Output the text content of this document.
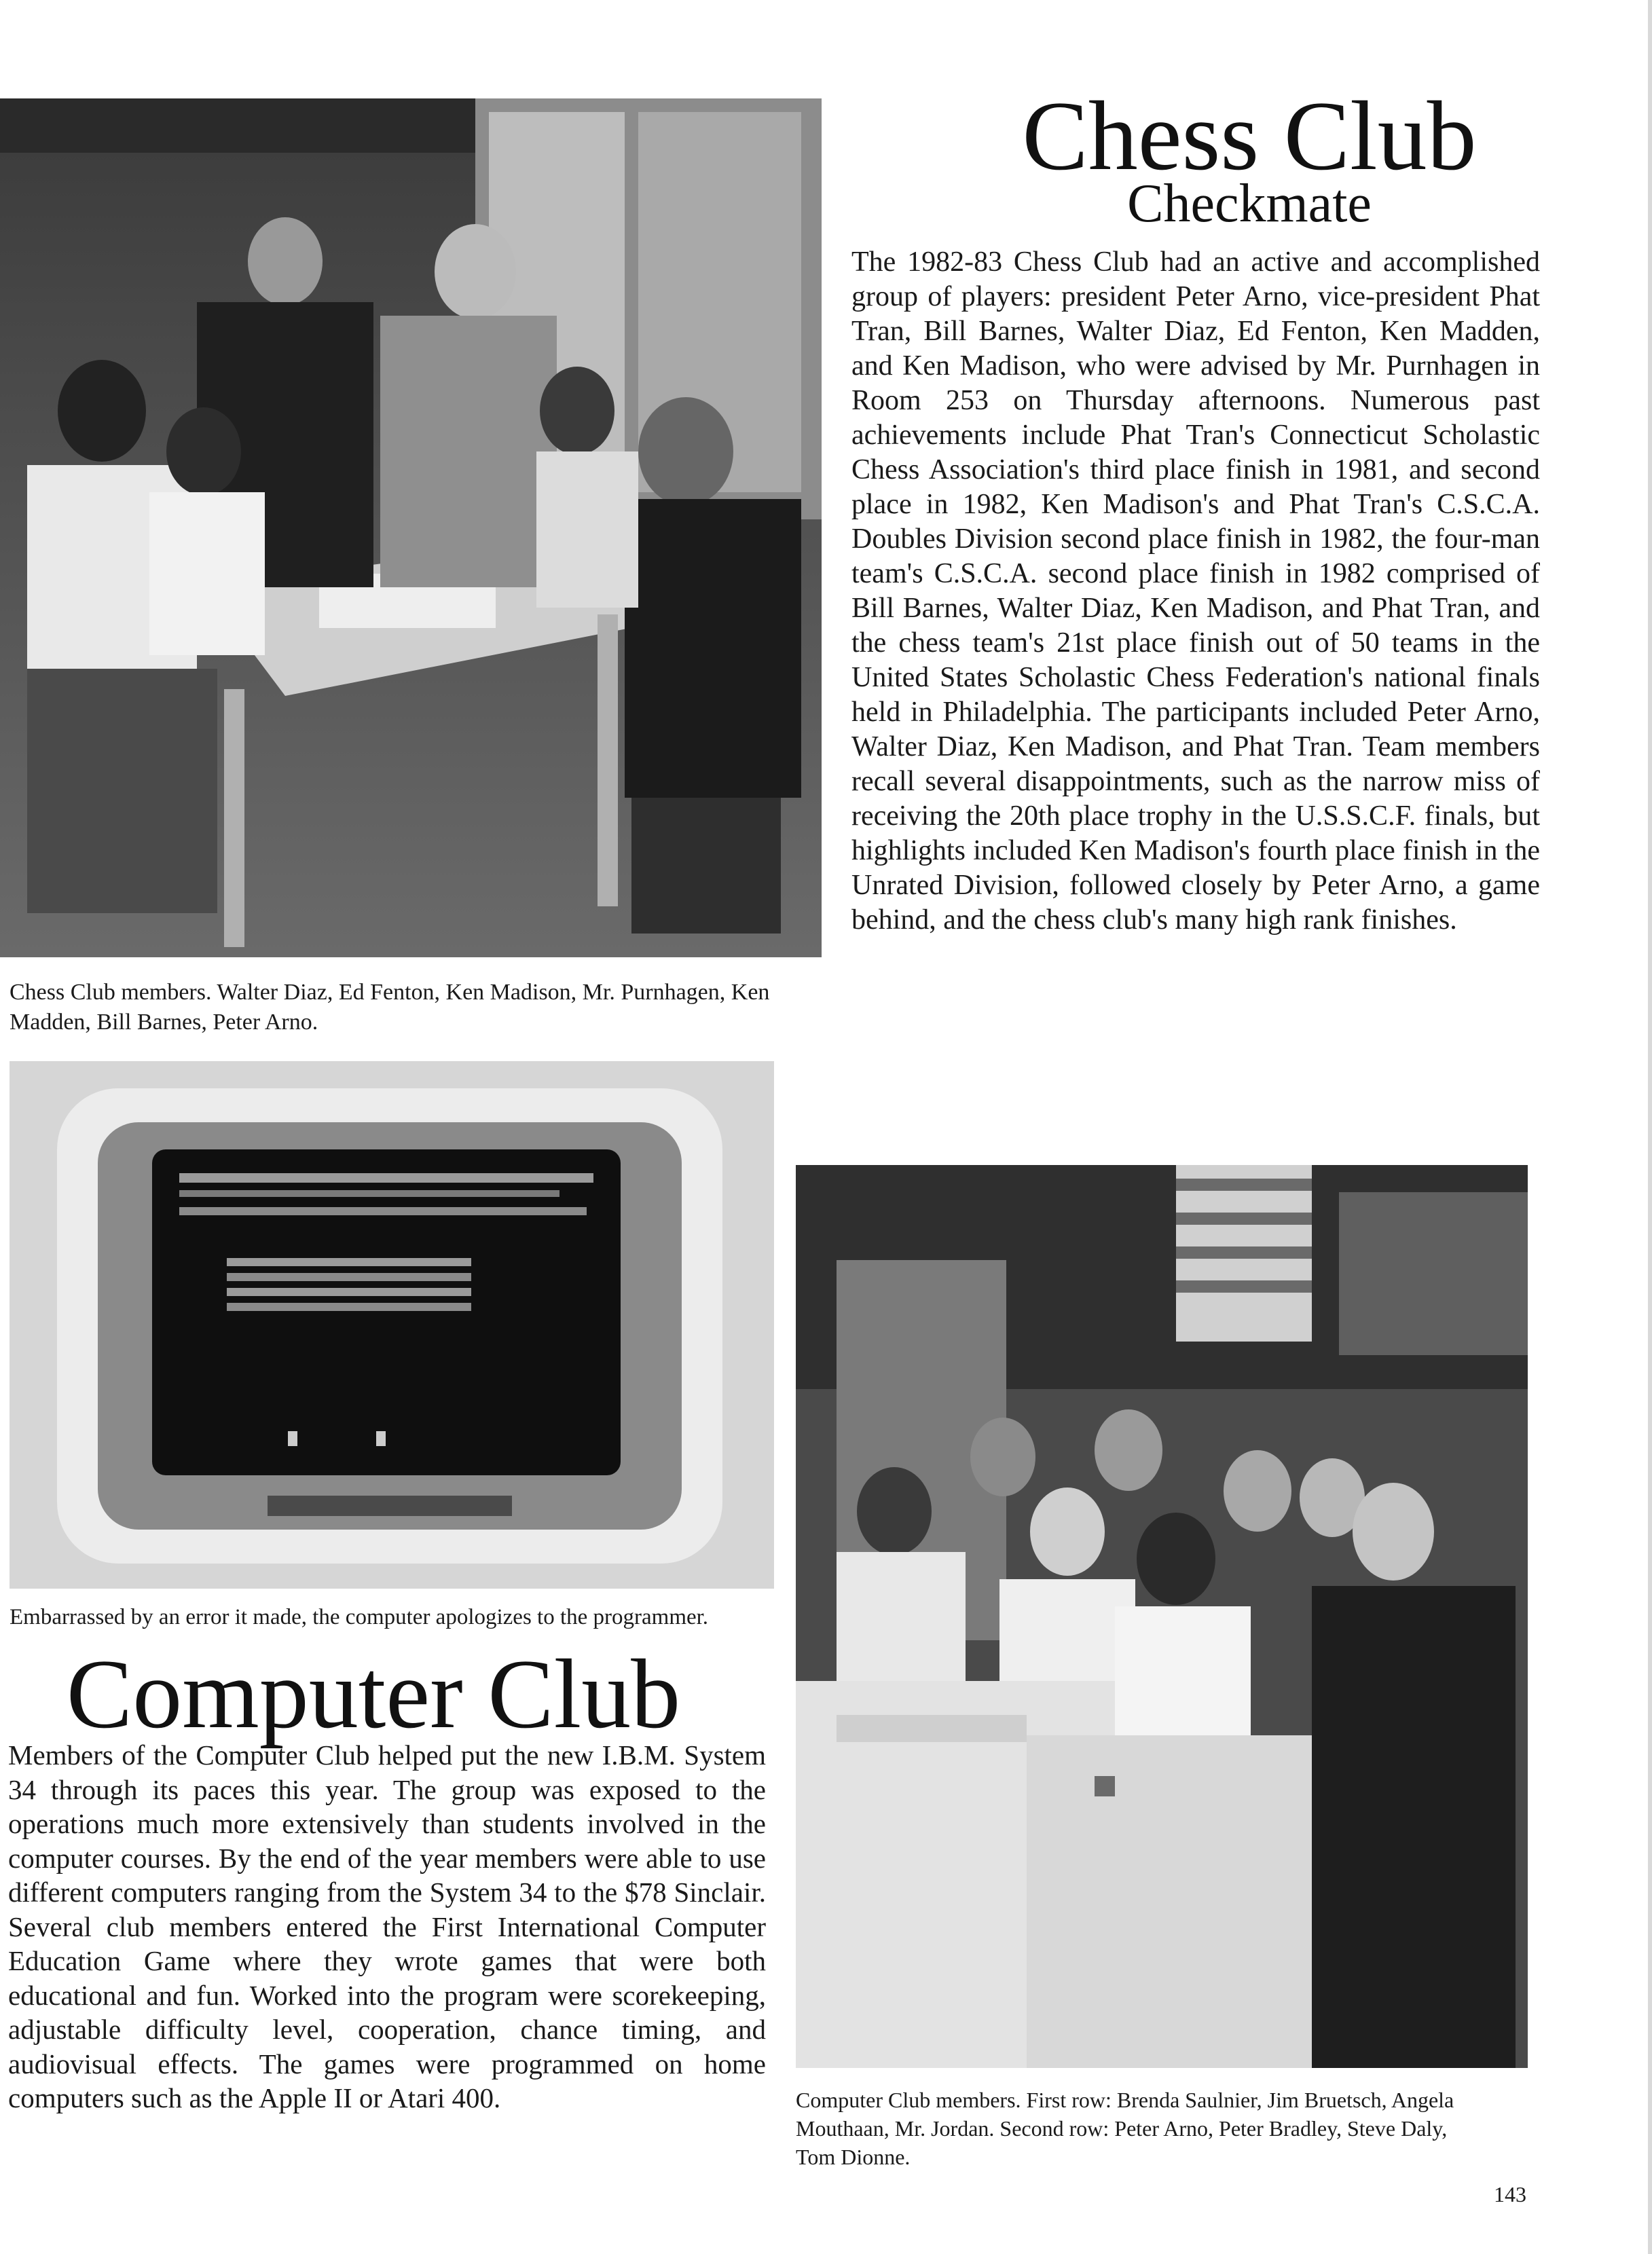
Chess Club members. Walter Diaz, Ed Fenton, Ken Madison, Mr. Purnhagen, Ken Madden, Bill Barnes, Peter Arno.
Chess Club
Checkmate

The 1982-83 Chess Club had an active and accomplished group of players: president Peter Arno, vice-president Phat Tran, Bill Barnes, Walter Diaz, Ed Fenton, Ken Madden, and Ken Madison, who were advised by Mr. Purnhagen in Room 253 on Thursday afternoons. Numerous past achievements include Phat Tran's Connecticut Scholastic Chess Association's third place finish in 1981, and second place in 1982, Ken Madison's and Phat Tran's C.S.C.A. Doubles Division second place finish in 1982, the four-man team's C.S.C.A. second place finish in 1982 comprised of Bill Barnes, Walter Diaz, Ken Madison, and Phat Tran, and the chess team's 21st place finish out of 50 teams in the United States Scholastic Chess Federation's national finals held in Philadelphia. The participants included Peter Arno, Walter Diaz, Ken Madison, and Phat Tran. Team members recall several disappointments, such as the narrow miss of receiving the 20th place trophy in the U.S.S.C.F. finals, but highlights included Ken Madison's fourth place finish in the Unrated Division, followed closely by Peter Arno, a game behind, and the chess club's many high rank finishes.

Embarrassed by an error it made, the computer apologizes to the programmer.
Computer Club

Members of the Computer Club helped put the new I.B.M. System 34 through its paces this year. The group was exposed to the operations much more extensively than students involved in the computer courses. By the end of the year members were able to use different computers ranging from the System 34 to the $78 Sinclair. Several club members entered the First International Computer Education Game where they wrote games that were both educational and fun. Worked into the program were scorekeeping, adjustable difficulty level, cooperation, chance timing, and audiovisual effects. The games were programmed on home computers such as the Apple II or Atari 400.	Computer Club members. First row: Brenda Saulnier, Jim Bruetsch, Angela Mouthaan, Mr. Jordan. Second row: Peter Arno, Peter Bradley, Steve Daly, Tom Dionne.
143
